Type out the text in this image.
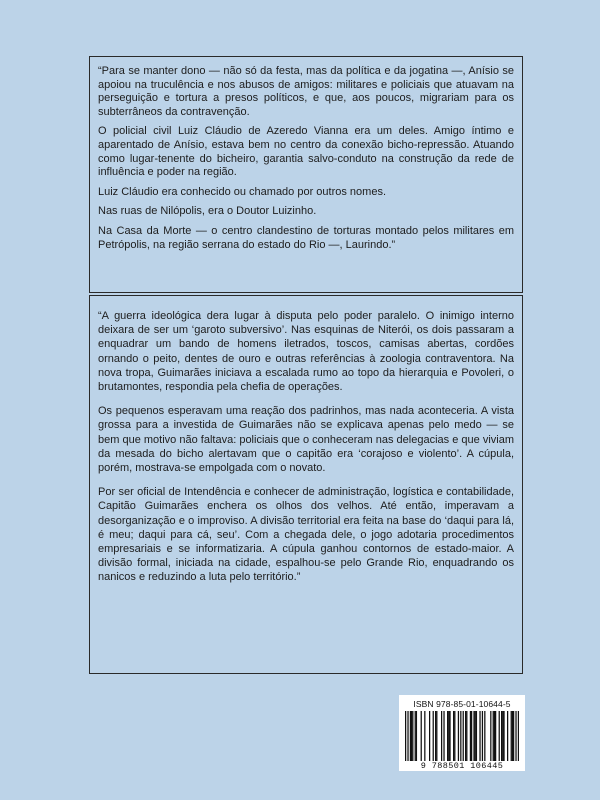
“Para se manter dono — não só da festa, mas da política e da jogatina —, Anísio se apoiou na truculência e nos abusos de amigos: militares e policiais que atuavam na perseguição e tortura a presos políticos, e que, aos poucos, migrariam para os subterrâneos da contravenção.

O policial civil Luiz Cláudio de Azeredo Vianna era um deles. Amigo íntimo e aparentado de Anísio, estava bem no centro da conexão bicho-repressão. Atuando como lugar-tenente do bicheiro, garantia salvo-conduto na construção da rede de influência e poder na região.

Luiz Cláudio era conhecido ou chamado por outros nomes.

Nas ruas de Nilópolis, era o Doutor Luizinho.

Na Casa da Morte — o centro clandestino de torturas montado pelos militares em Petrópolis, na região serrana do estado do Rio —, Laurindo.”

“A guerra ideológica dera lugar à disputa pelo poder paralelo. O inimigo interno deixara de ser um ‘garoto subversivo’. Nas esquinas de Niterói, os dois passaram a enquadrar um bando de homens iletrados, toscos, camisas abertas, cordões ornando o peito, dentes de ouro e outras referências à zoologia contraventora. Na nova tropa, Guimarães iniciava a escalada rumo ao topo da hierarquia e Povoleri, o brutamontes, respondia pela chefia de operações.

Os pequenos esperavam uma reação dos padrinhos, mas nada aconteceria. A vista grossa para a investida de Guimarães não se explicava apenas pelo medo — se bem que motivo não faltava: policiais que o conheceram nas delegacias e que viviam da mesada do bicho alertavam que o capitão era ‘corajoso e violento’. A cúpula, porém, mostrava-se empolgada com o novato.

Por ser oficial de Intendência e conhecer de administração, logística e contabilidade, Capitão Guimarães enchera os olhos dos velhos. Até então, imperavam a desorganização e o improviso. A divisão territorial era feita na base do ‘daqui para lá, é meu; daqui para cá, seu’. Com a chegada dele, o jogo adotaria procedimentos empresariais e se informatizaria. A cúpula ganhou contornos de estado-maior. A divisão formal, iniciada na cidade, espalhou-se pelo Grande Rio, enquadrando os nanicos e reduzindo a luta pelo território.”

ISBN 978-85-01-10644-5
9 788501 106445
